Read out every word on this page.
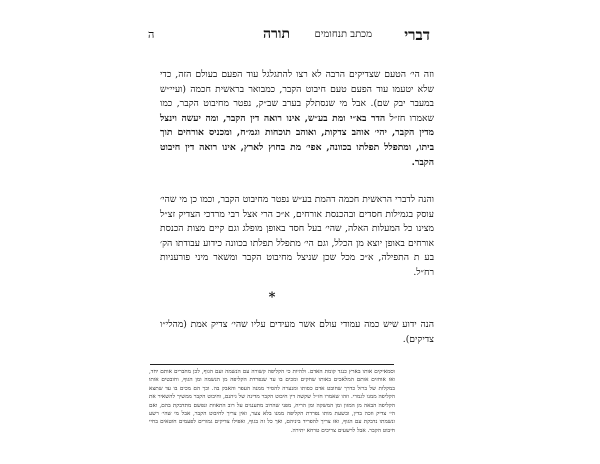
דברי
מכתב תנחומים
תורה
ה

וזה הי׳ הטעם שצדיקים הרבה לא רצו להתגלגל עוד הפעם בעולם הזה, כדי שלא יטעמו עוד הפעם טעם חיבוט הקבר, כמבואר בראשית חכמה (ועיי״ש במעבר יבק שם). אבל מי שנסתלק בערב שב״ק, נפטר מחיבוט הקבר, כמו שאמרו חז״ל הדר בא״י ומת בע״ש, אינו רואה דין הקבר, ומה יעשה וינצל מדין הקבר, יהי׳ אוהב צדקות, ואוהב תוכחות וגמ״ח, ומכניס אורחים תוך ביתו, ומתפלל תפלתו בכוונה, אפי׳ מת בחוץ לארץ, אינו רואה דין חיבוט הקבר.

והנה לדברי הראשית חכמה דהמת בע״ש נפטר מחיבוט הקבר, וכמו כן מי שהי׳ עוסק בגמילות חסדים ובהכנסת אורחים, א״כ הרי אצל רבי מרדכי הצדיק זצ״ל מצינו כל המעלות האלה, שהי׳ בעל חסד באופן מופלג וגם קיים מצות הכנסת אורחים באופן יוצא מן הכלל, וגם הי׳ מתפלל תפלתו בכוונה כידוע עבודתו הק׳ בע ת התפילה, א״כ מכל שכן שניצל מחיבוט הקבר ומשאר מיני פורעניות רח״ל.

*

הנה ידוע שיש כמה עמודי עולם אשר מעידים עליו שהי׳ צדיק אמת (מהלי״ו צדיקים).

וסמאיקים אותו בארץ כנגד קומת האדם. ולהיות כי הקליפה קשורה עם הנשמה ועם הגוף, לכן מחברים אותם יחד, ואז אוחזים אותם המלאכים באותו שחקים ומכים בו עד שנפרדת הקליפה מן הנשמה ומן הגוף, וחובטים אותו במקלות של ברזל כדרך שחובט אדם כסותו ומנערה להסיר ממנה העפר והאבק בה. וכך הם מכים בו עד שתצא הקליפה ממנו לגמרי. וזהו שאמרו חז״ל שקשה דין חיבוט הקבר מדינה של גיהנם, וחיבוט הקבר ממשיך להשאיר את הקליפה הבאה מן המזון ומן המשקה ומן הריח, מפני שהרוב מתענגים על רוב התאוות ונפשם מתדבקת בהם, ואם הי׳ צדיק וזכה בדין, ובשעת מותו נפרדת הקליפה ממנו בלא צער, ואין צריך לחיבוט הקבר, אבל מי שהי׳ רשע ונשמתו נדבקת עם הגוף, ואז צריך להפריד ביניהם, ואך כל זה בגוף, ואפילו צדיקים גמורים לפעמים חוטאים בחיי חיבוט הקבר. אבל לרשעים צריכים טרחא יתירה.
